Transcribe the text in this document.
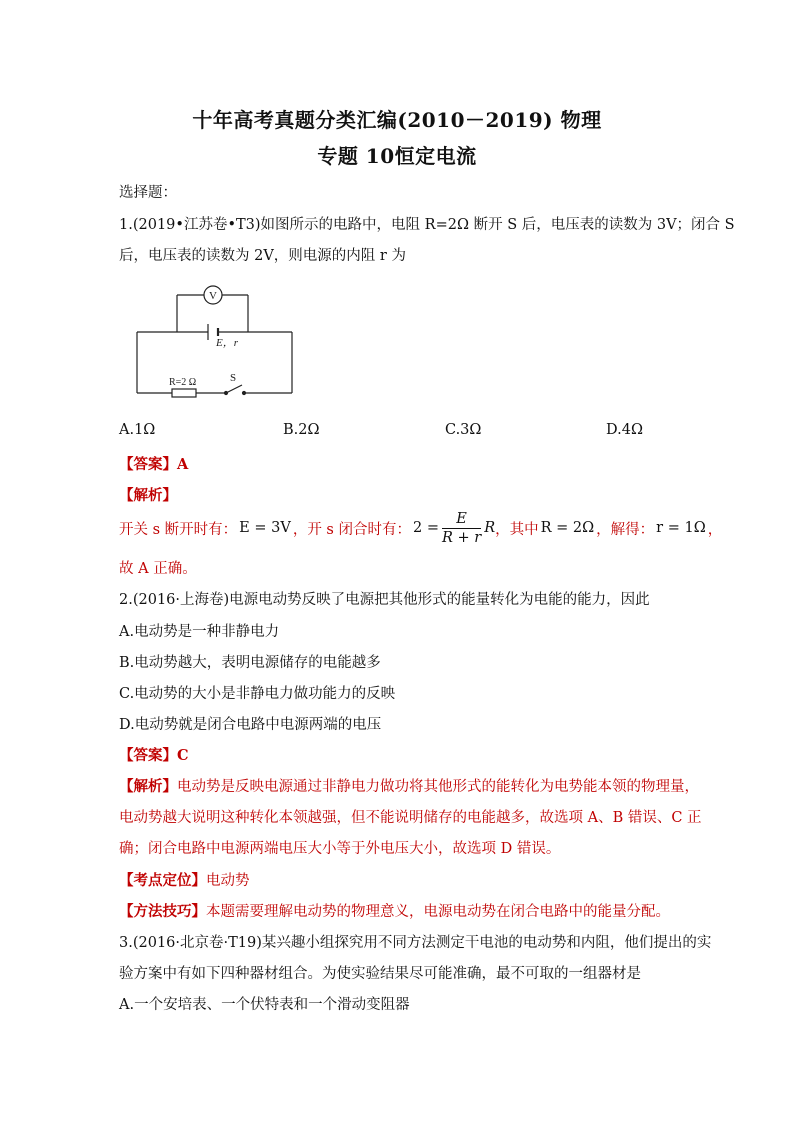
十年高考真题分类汇编(2010－2019) 物理
专题 10恒定电流
选择题：
1.(2019•江苏卷•T3)如图所示的电路中，电阻 R=2Ω 断开 S 后，电压表的读数为 3V；闭合 S
后，电压表的读数为 2V，则电源的内阻 r 为
V
E，r
R=2 Ω	S
A.1Ω	B.2Ω	C.3Ω	D.4Ω
【答案】A
【解析】
开关 s 断开时有： E = 3V ，开 s 闭合时有： $2 = \frac{E}{R + r}$ R ，其中 R = 2Ω ，解得： r = 1Ω ，
故 A 正确。
2.(2016·上海卷)电源电动势反映了电源把其他形式的能量转化为电能的能力，因此
A.电动势是一种非静电力
B.电动势越大，表明电源储存的电能越多
C.电动势的大小是非静电力做功能力的反映
D.电动势就是闭合电路中电源两端的电压
【答案】C
【解析】电动势是反映电源通过非静电力做功将其他形式的能转化为电势能本领的物理量，
电动势越大说明这种转化本领越强，但不能说明储存的电能越多，故选项 A、B 错误、C 正
确；闭合电路中电源两端电压大小等于外电压大小，故选项 D 错误。
【考点定位】电动势
【方法技巧】本题需要理解电动势的物理意义，电源电动势在闭合电路中的能量分配。
3.(2016·北京卷·T19)某兴趣小组探究用不同方法测定干电池的电动势和内阻，他们提出的实
验方案中有如下四种器材组合。为使实验结果尽可能准确，最不可取的一组器材是
A.一个安培表、一个伏特表和一个滑动变阻器
